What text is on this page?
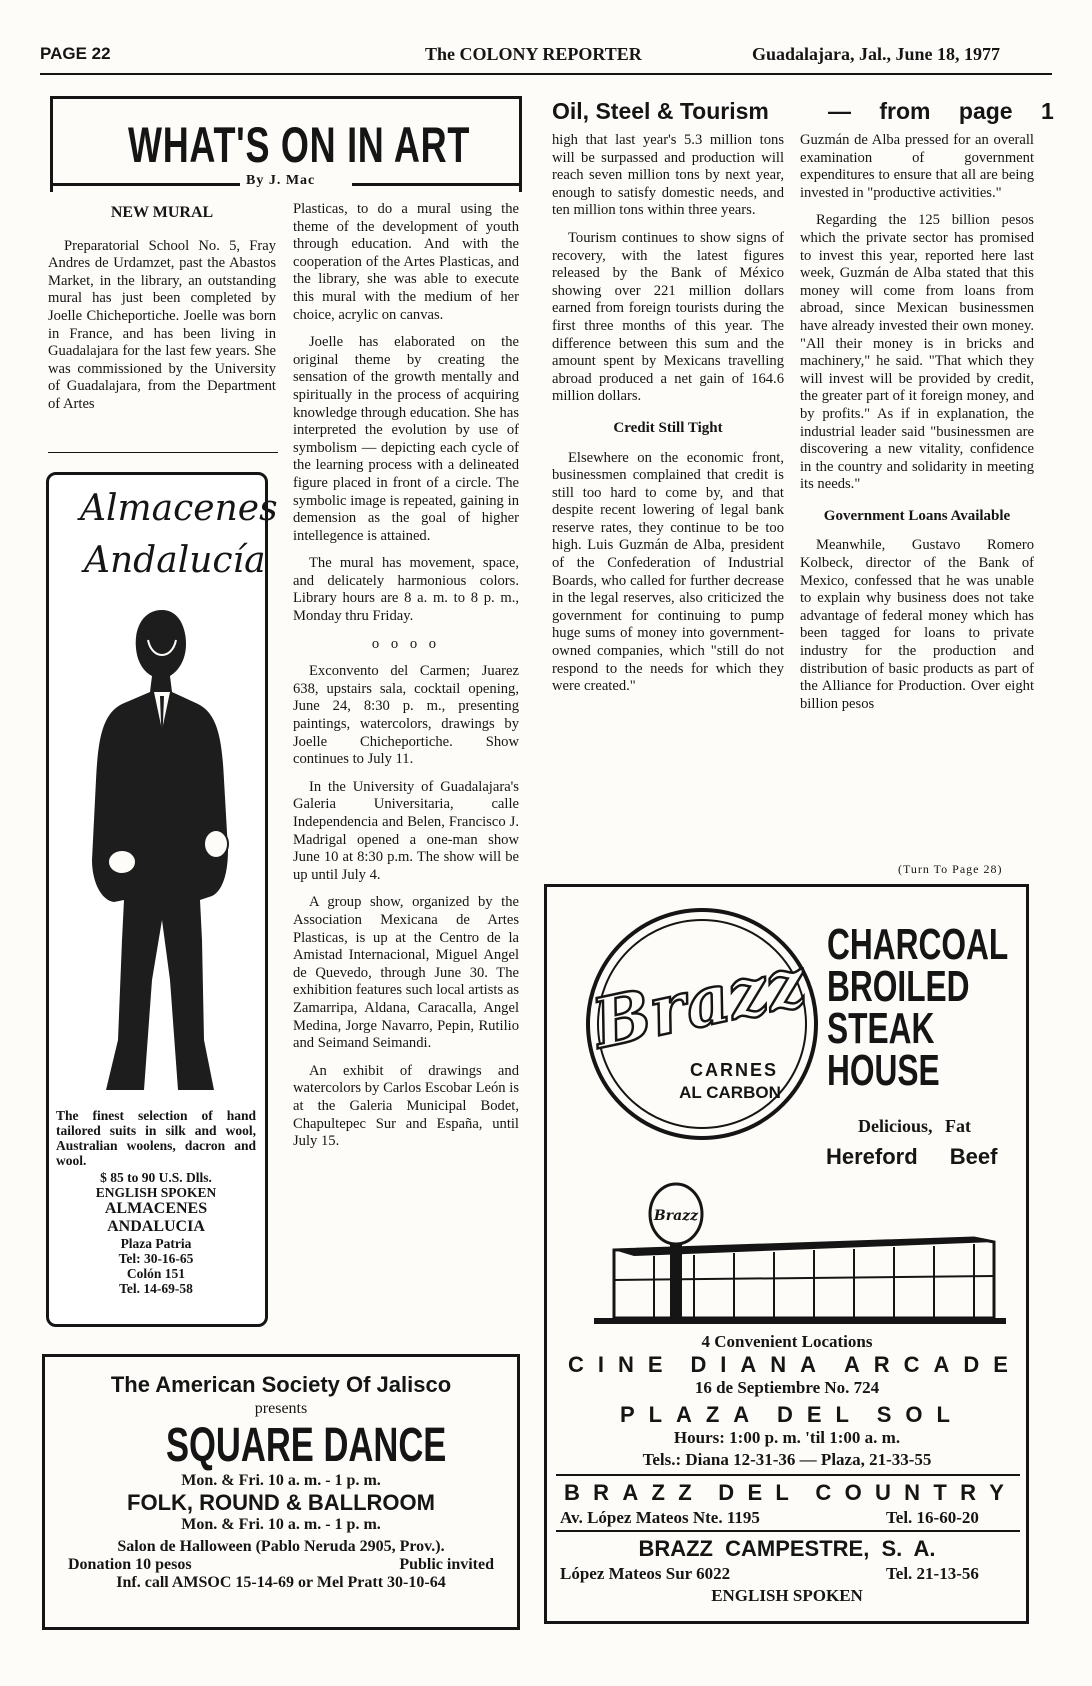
PAGE 22	The COLONY REPORTER	Guadalajara, Jal., June 18, 1977
WHAT'S ON IN ART
By J. Mac
NEW MURAL

Preparatorial School No. 5, Fray Andres de Urdamzet, past the Abastos Market, in the library, an outstanding mural has just been completed by Joelle Chicheportiche. Joelle was born in France, and has been living in Guadalajara for the last few years. She was commissioned by the University of Guadalajara, from the Department of Artes

Almacenes
Andalucía
The finest selection of hand tailored suits in silk and wool, Australian woolens, dacron and wool.
$ 85 to 90 U.S. Dlls.
ENGLISH SPOKEN
ALMACENES
ANDALUCIA
Plaza Patria
Tel: 30-16-65
Colón 151
Tel. 14-69-58

Plasticas, to do a mural using the theme of the development of youth through education. And with the cooperation of the Artes Plasticas, and the library, she was able to execute this mural with the medium of her choice, acrylic on canvas.

Joelle has elaborated on the original theme by creating the sensation of the growth mentally and spiritually in the process of acquiring knowledge through education. She has interpreted the evolution by use of symbolism — depicting each cycle of the learning process with a delineated figure placed in front of a circle. The symbolic image is repeated, gaining in demension as the goal of higher intellegence is attained.

The mural has movement, space, and delicately harmonious colors. Library hours are 8 a. m. to 8 p. m., Monday thru Friday.

o o o o

Exconvento del Carmen; Juarez 638, upstairs sala, cocktail opening, June 24, 8:30 p. m., presenting paintings, watercolors, drawings by Joelle Chicheportiche. Show continues to July 11.

In the University of Guadalajara's Galeria Universitaria, calle Independencia and Belen, Francisco J. Madrigal opened a one-man show June 10 at 8:30 p.m. The show will be up until July 4.

A group show, organized by the Association Mexicana de Artes Plasticas, is up at the Centro de la Amistad Internacional, Miguel Angel de Quevedo, through June 30. The exhibition features such local artists as Zamarripa, Aldana, Caracalla, Angel Medina, Jorge Navarro, Pepin, Rutilio and Seimand Seimandi.

An exhibit of drawings and watercolors by Carlos Escobar León is at the Galeria Municipal Bodet, Chapultepec Sur and España, until July 15.

The American Society Of Jalisco
presents
SQUARE DANCE
Mon. & Fri. 10 a. m. - 1 p. m.
FOLK, ROUND & BALLROOM
Mon. & Fri. 10 a. m. - 1 p. m.
Salon de Halloween (Pablo Neruda 2905, Prov.).
Donation 10 pesos	Public invited
Inf. call AMSOC 15-14-69 or Mel Pratt 30-10-64
Oil, Steel & Tourism	— from page 1

high that last year's 5.3 million tons will be surpassed and production will reach seven million tons by next year, enough to satisfy domestic needs, and ten million tons within three years.

Tourism continues to show signs of recovery, with the latest figures released by the Bank of México showing over 221 million dollars earned from foreign tourists during the first three months of this year. The difference between this sum and the amount spent by Mexicans travelling abroad produced a net gain of 164.6 million dollars.

Credit Still Tight

Elsewhere on the economic front, businessmen complained that credit is still too hard to come by, and that despite recent lowering of legal bank reserve rates, they continue to be too high. Luis Guzmán de Alba, president of the Confederation of Industrial Boards, who called for further decrease in the legal reserves, also criticized the government for continuing to pump huge sums of money into government-owned companies, which "still do not respond to the needs for which they were created."

Guzmán de Alba pressed for an overall examination of government expenditures to ensure that all are being invested in "productive activities."

Regarding the 125 billion pesos which the private sector has promised to invest this year, reported here last week, Guzmán de Alba stated that this money will come from loans from abroad, since Mexican businessmen have already invested their own money. "All their money is in bricks and machinery," he said. "That which they will invest will be provided by credit, the greater part of it foreign money, and by profits." As if in explanation, the industrial leader said "businessmen are discovering a new vitality, confidence in the country and solidarity in meeting its needs."

Government Loans Available

Meanwhile, Gustavo Romero Kolbeck, director of the Bank of Mexico, confessed that he was unable to explain why business does not take advantage of federal money which has been tagged for loans to private industry for the production and distribution of basic products as part of the Alliance for Production. Over eight billion pesos

(Turn To Page 28)
Brazz
CARNES
AL CARBON
CHARCOAL
BROILED
STEAK
HOUSE
Delicious, Fat
Hereford Beef
Brazz
4 Convenient Locations
C I N E D I A N A A R C A D E
16 de Septiembre No. 724
P L A Z A D E L S O L
Hours: 1:00 p. m. 'til 1:00 a. m.
Tels.: Diana 12-31-36 — Plaza, 21-33-55
B R A Z Z D E L C O U N T R Y
Av. López Mateos Nte. 1195	Tel. 16-60-20
BRAZZ CAMPESTRE, S. A.
López Mateos Sur 6022	Tel. 21-13-56
ENGLISH SPOKEN
